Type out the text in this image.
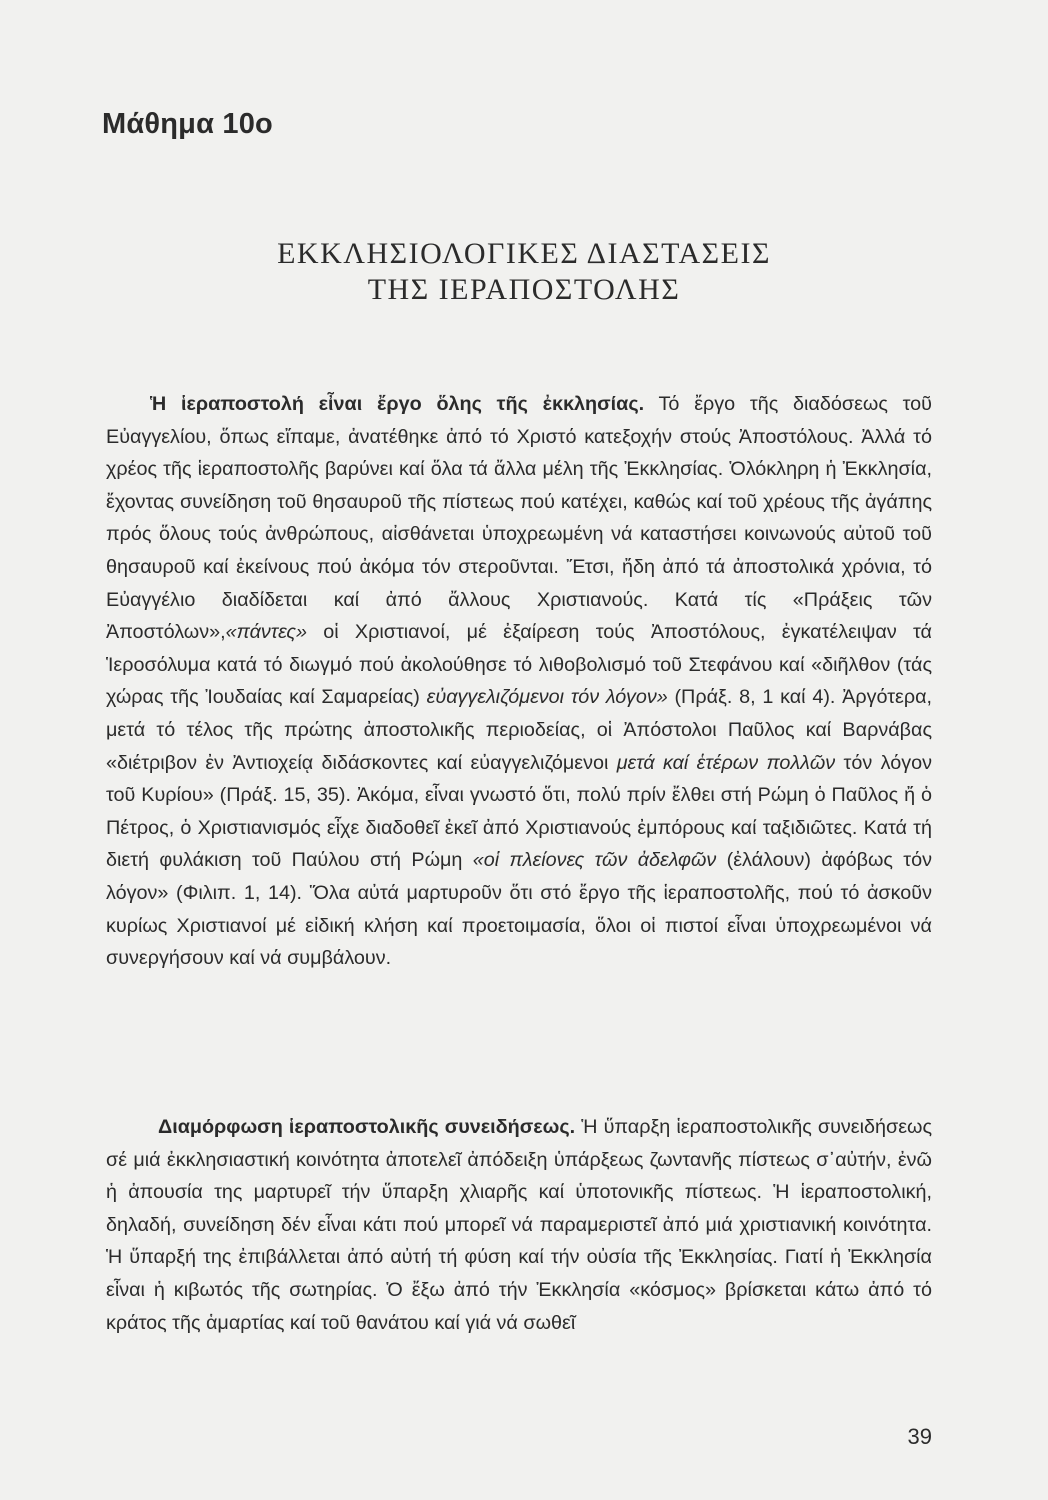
Μάθημα 10ο
ΕΚΚΛΗΣΙΟΛΟΓΙΚΕΣ ΔΙΑΣΤΑΣΕΙΣ
ΤΗΣ ΙΕΡΑΠΟΣΤΟΛΗΣ

Ἡ ἱεραποστολή εἶναι ἔργο ὅλης τῆς ἐκκλησίας. Τό ἔργο τῆς διαδόσεως τοῦ Εὐαγγελίου, ὅπως εἴπαμε, ἀνατέθηκε ἀπό τό Χριστό κατεξοχήν στούς Ἀποστόλους. Ἀλλά τό χρέος τῆς ἱεραποστολῆς βαρύνει καί ὅλα τά ἄλλα μέλη τῆς Ἐκκλησίας. Ὁλόκληρη ἡ Ἐκκλησία, ἔχοντας συνείδηση τοῦ θησαυροῦ τῆς πίστεως πού κατέχει, καθώς καί τοῦ χρέους τῆς ἀγάπης πρός ὅλους τούς ἀνθρώπους, αἰσθάνεται ὑποχρεωμένη νά καταστήσει κοινωνούς αὐτοῦ τοῦ θησαυροῦ καί ἐκείνους πού ἀκόμα τόν στεροῦνται. Ἔτσι, ἤδη ἀπό τά ἀποστολικά χρόνια, τό Εὐαγγέλιο διαδίδεται καί ἀπό ἄλλους Χριστιανούς. Κατά τίς «Πράξεις τῶν Ἀποστόλων»,«πάντες» οἱ Χριστιανοί, μέ ἐξαίρεση τούς Ἀποστόλους, ἐγκατέλειψαν τά Ἱεροσόλυμα κατά τό διωγμό πού ἀκολούθησε τό λιθοβολισμό τοῦ Στεφάνου καί «διῆλθον (τάς χώρας τῆς Ἰουδαίας καί Σαμαρείας) εὐαγγελιζόμενοι τόν λόγον» (Πράξ. 8, 1 καί 4). Ἀργότερα, μετά τό τέλος τῆς πρώτης ἀποστολικῆς περιοδείας, οἱ Ἀπόστολοι Παῦλος καί Βαρνάβας «διέτριβον ἐν Ἀντιοχείᾳ διδάσκοντες καί εὐαγγελιζόμενοι μετά καί ἑτέρων πολλῶν τόν λόγον τοῦ Κυρίου» (Πράξ. 15, 35). Ἀκόμα, εἶναι γνωστό ὅτι, πολύ πρίν ἔλθει στή Ρώμη ὁ Παῦλος ἤ ὁ Πέτρος, ὁ Χριστιανισμός εἶχε διαδοθεῖ ἐκεῖ ἀπό Χριστιανούς ἐμπόρους καί ταξιδιῶτες. Κατά τή διετή φυλάκιση τοῦ Παύλου στή Ρώμη «οἱ πλείονες τῶν ἀδελφῶν (ἐλάλουν) ἀφόβως τόν λόγον» (Φιλιπ. 1, 14). Ὅλα αὐτά μαρτυροῦν ὅτι στό ἔργο τῆς ἱεραποστολῆς, πού τό ἀσκοῦν κυρίως Χριστιανοί μέ εἰδική κλήση καί προετοιμασία, ὅλοι οἱ πιστοί εἶναι ὑποχρεωμένοι νά συνεργήσουν καί νά συμβάλουν.

Διαμόρφωση ἱεραποστολικῆς συνειδήσεως. Ἡ ὕπαρξη ἱεραποστολικῆς συνειδήσεως σέ μιά ἐκκλησιαστική κοινότητα ἀποτελεῖ ἀπόδειξη ὑπάρξεως ζωντανῆς πίστεως σ᾽αὐτήν, ἐνῶ ἡ ἀπουσία της μαρτυρεῖ τήν ὕπαρξη χλιαρῆς καί ὑποτονικῆς πίστεως. Ἡ ἱεραποστολική, δηλαδή, συνείδηση δέν εἶναι κάτι πού μπορεῖ νά παραμεριστεῖ ἀπό μιά χριστιανική κοινότητα. Ἡ ὕπαρξή της ἐπιβάλλεται ἀπό αὐτή τή φύση καί τήν οὐσία τῆς Ἐκκλησίας. Γιατί ἡ Ἐκκλησία εἶναι ἡ κιβωτός τῆς σωτηρίας. Ὁ ἔξω ἀπό τήν Ἐκκλησία «κόσμος» βρίσκεται κάτω ἀπό τό κράτος τῆς ἁμαρτίας καί τοῦ θανάτου καί γιά νά σωθεῖ

39
